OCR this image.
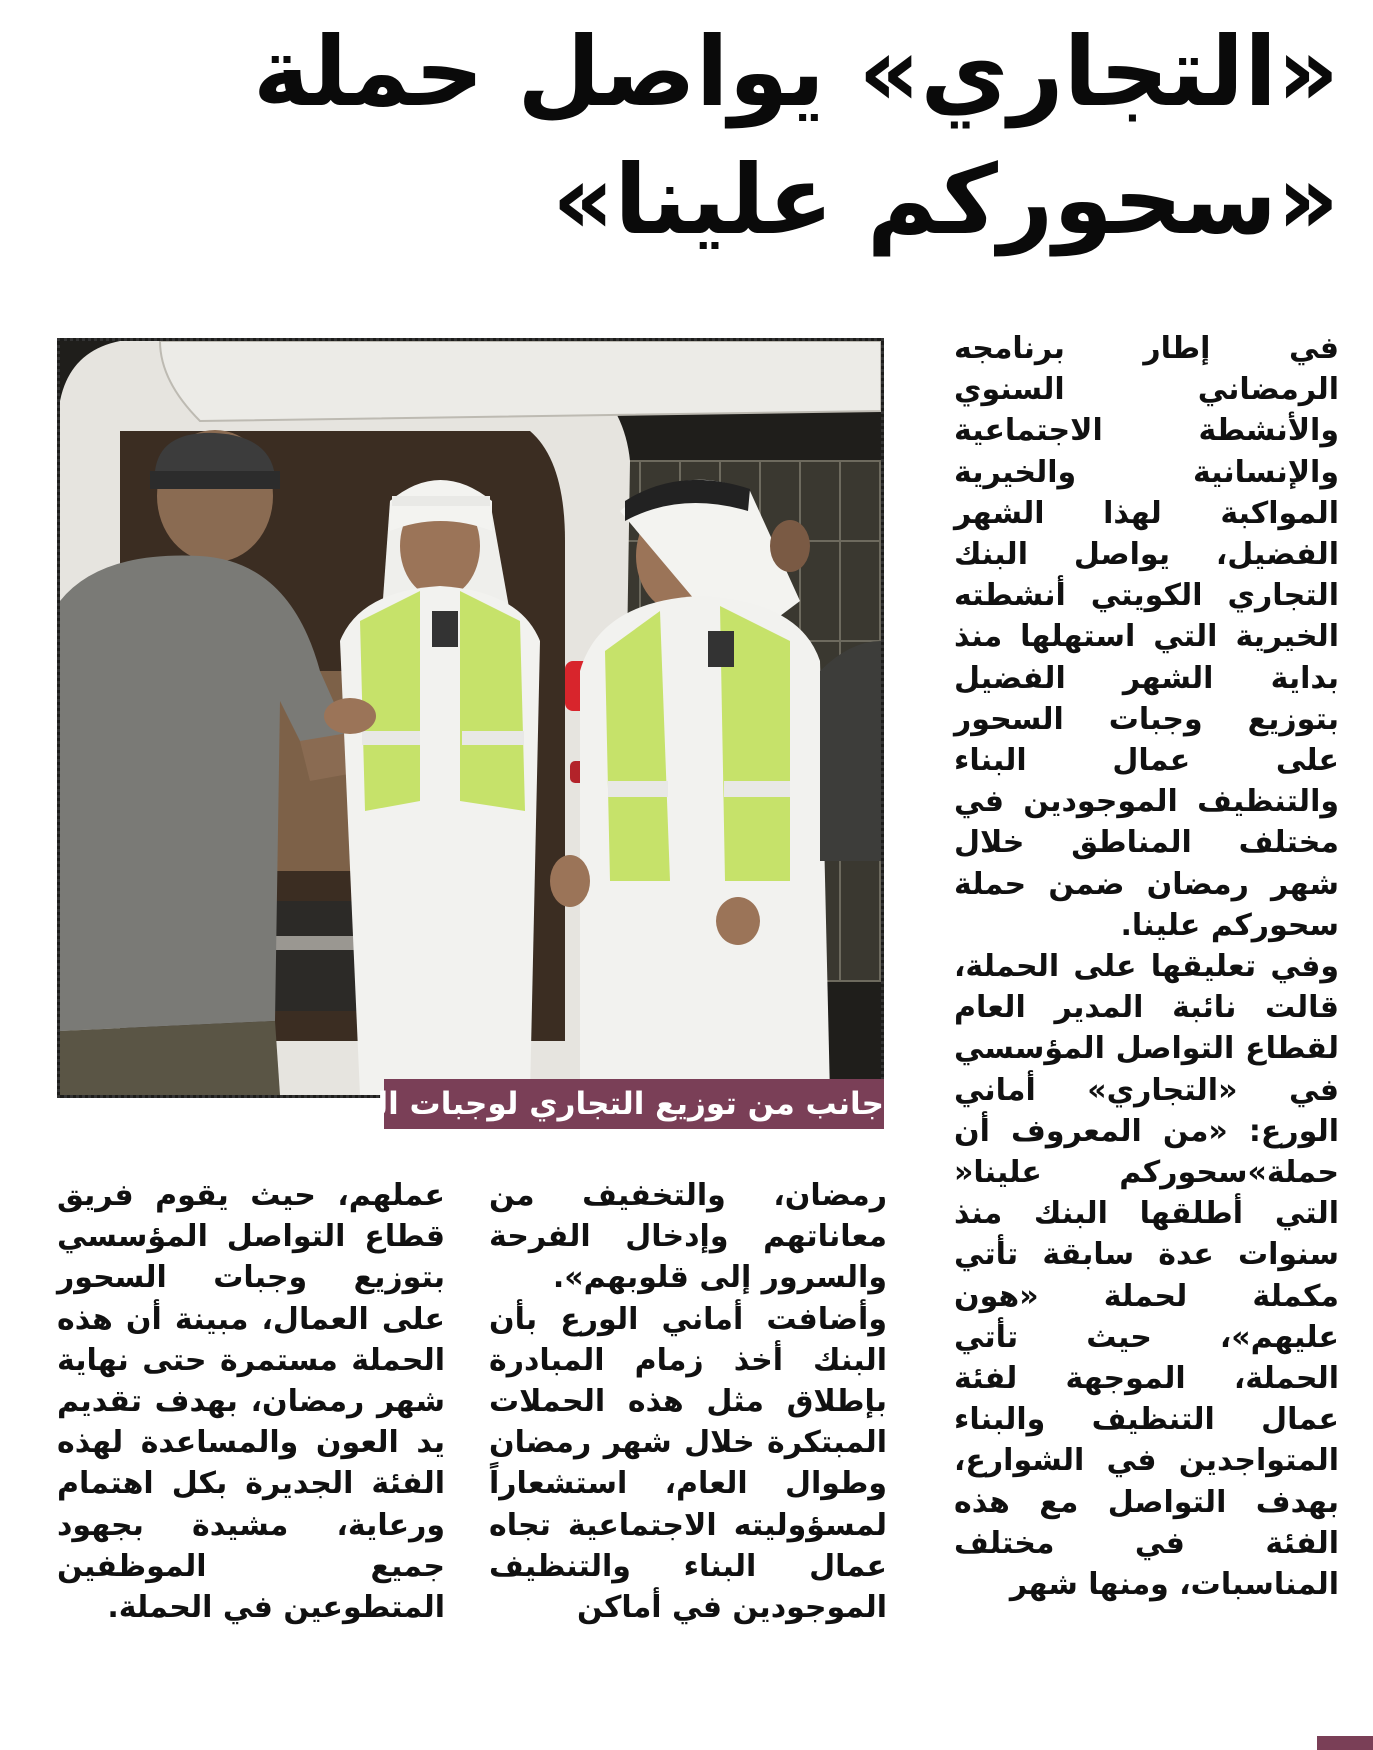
«التجاري» يواصل حملة
«سحوركم علينا»
جانب من توزيع التجاري لوجبات السحور

في إطار برنامجه الرمضاني السنوي والأنشطة الاجتماعية والإنسانية والخيرية المواكبة لهذا الشهر الفضيل، يواصل البنك التجاري الكويتي أنشطته الخيرية التي استهلها منذ بداية الشهر الفضيل بتوزيع وجبات السحور على عمال البناء والتنظيف الموجودين في مختلف المناطق خلال شهر رمضان ضمن حملة سحوركم علينا.

وفي تعليقها على الحملة، قالت نائبة المدير العام لقطاع التواصل المؤسسي في «التجاري» أماني الورع: «من المعروف أن حملة»سحوركم علينا« التي أطلقها البنك منذ سنوات عدة سابقة تأتي مكملة لحملة «هون عليهم»، حيث تأتي الحملة، الموجهة لفئة عمال التنظيف والبناء المتواجدين في الشوارع، بهدف التواصل مع هذه الفئة في مختلف المناسبات، ومنها شهر

رمضان، والتخفيف من معاناتهم وإدخال الفرحة والسرور إلى قلوبهم».

وأضافت أماني الورع بأن البنك أخذ زمام المبادرة بإطلاق مثل هذه الحملات المبتكرة خلال شهر رمضان وطوال العام، استشعاراً لمسؤوليته الاجتماعية تجاه عمال البناء والتنظيف الموجودين في أماكن

عملهم، حيث يقوم فريق قطاع التواصل المؤسسي بتوزيع وجبات السحور على العمال، مبينة أن هذه الحملة مستمرة حتى نهاية شهر رمضان، بهدف تقديم يد العون والمساعدة لهذه الفئة الجديرة بكل اهتمام ورعاية، مشيدة بجهود جميع الموظفين المتطوعين في الحملة.
